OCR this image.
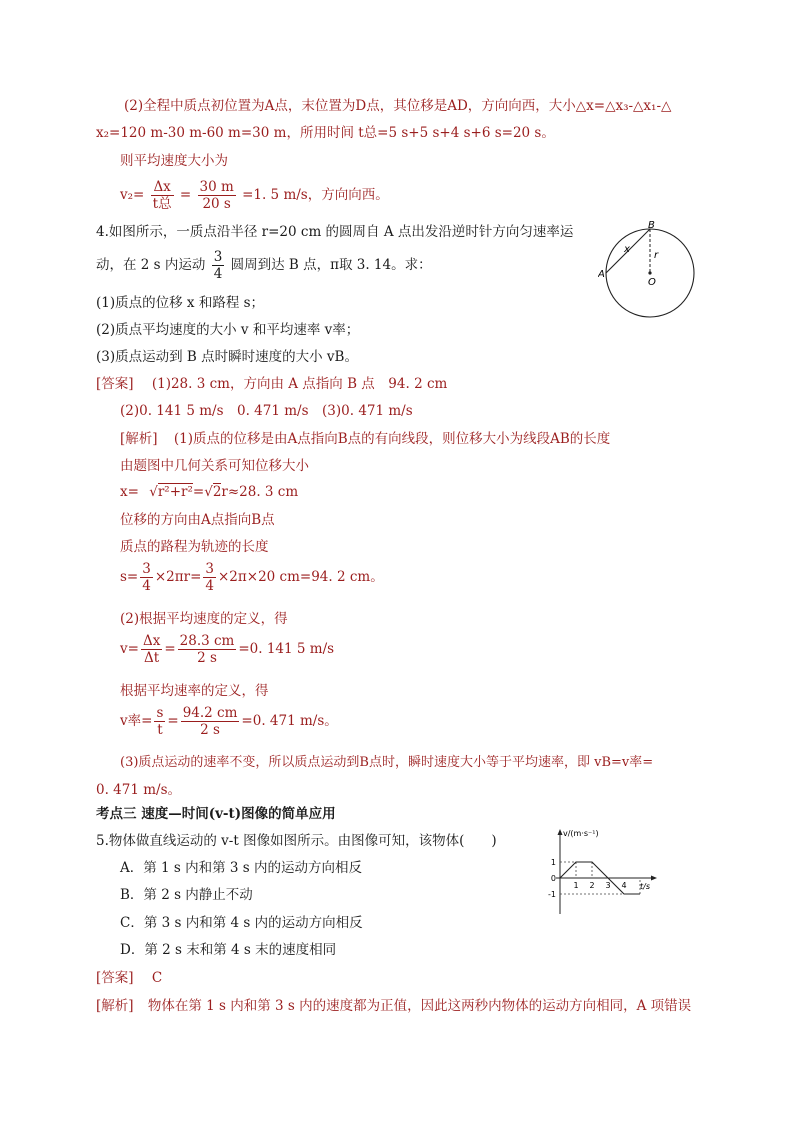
(2)全程中质点初位置为A点，末位置为D点，其位移是AD，方向向西，大小△x=△x₃-△x₁-△
x₂=120 m-30 m-60 m=30 m，所用时间 t总=5 s+5 s+4 s+6 s=20 s。
则平均速度大小为
$v_2= \frac{\Delta x}{\text{t总}} = \frac{30 m}{20 s} =1$. 5 m/s，方向向西。
4.如图所示，一质点沿半径 r=20 cm 的圆周自 A 点出发沿逆时针方向匀速率运
动，在 2 s 内运动 $\frac{3}{4}$ 圆周到达 B 点，π取 3. 14。求：
(1)质点的位移 x 和路程 s；
(2)质点平均速度的大小 v 和平均速率 v率；
(3)质点运动到 B 点时瞬时速度的大小 vB。
B
A
O
x
r
[答案] (1)28. 3 cm，方向由 A 点指向 B 点　94. 2 cm
(2)0. 141 5 m/s　0. 471 m/s　(3)0. 471 m/s
[解析] (1)质点的位移是由A点指向B点的有向线段，则位移大小为线段AB的长度
由题图中几何关系可知位移大小
x= √r²+r²=√2r≈28. 3 cm
位移的方向由A点指向B点
质点的路程为轨迹的长度
$s= \frac{3}{4} \times 2\pi r= \frac{3}{4} \times 2\pi\times 20$ cm=94. 2 cm。
(2)根据平均速度的定义，得
$v= \frac{\Delta x}{\Delta t} = \frac{28.3 cm}{2 s} =0$. 141 5 m/s
根据平均速率的定义，得
v率= $\frac{s}{t} = \frac{94.2 cm}{2 s} =0$. 471 m/s。
(3)质点运动的速率不变，所以质点运动到B点时，瞬时速度大小等于平均速率，即 vB=v率=
0. 471 m/s。
考点三 速度—时间(v-t)图像的简单应用
5.物体做直线运动的 v-t 图像如图所示。由图像可知，该物体(　　)
A．第 1 s 内和第 3 s 内的运动方向相反
B．第 2 s 内静止不动
C．第 3 s 内和第 4 s 内的运动方向相反
D．第 2 s 末和第 4 s 末的速度相同
[答案] C
[解析] 物体在第 1 s 内和第 3 s 内的速度都为正值，因此这两秒内物体的运动方向相同，A 项错误
v/(m·s⁻¹)
t/s
1 2 3 4
1
0
-1
